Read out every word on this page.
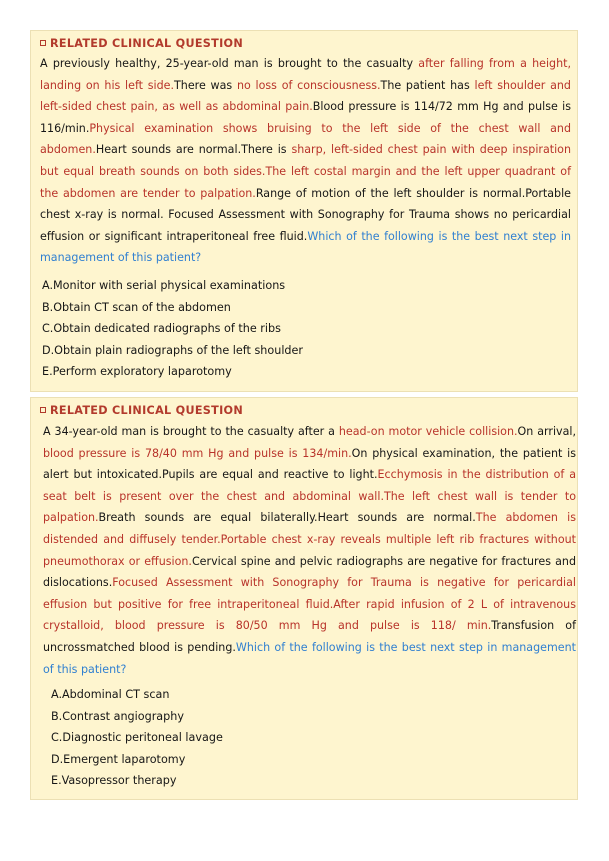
RELATED CLINICAL QUESTION
A previously healthy, 25-year-old man is brought to the casualty after falling from a height, landing on his left side.There was no loss of consciousness.The patient has left shoulder and left-sided chest pain, as well as abdominal pain.Blood pressure is 114/72 mm Hg and pulse is 116/min.Physical examination shows bruising to the left side of the chest wall and abdomen.Heart sounds are normal.There is sharp, left-sided chest pain with deep inspiration but equal breath sounds on both sides.The left costal margin and the left upper quadrant of the abdomen are tender to palpation.Range of motion of the left shoulder is normal.Portable chest x-ray is normal. Focused Assessment with Sonography for Trauma shows no pericardial effusion or significant intraperitoneal free fluid.Which of the following is the best next step in management of this patient?
A.Monitor with serial physical examinations
B.Obtain CT scan of the abdomen
C.Obtain dedicated radiographs of the ribs
D.Obtain plain radiographs of the left shoulder
E.Perform exploratory laparotomy
RELATED CLINICAL QUESTION
A 34-year-old man is brought to the casualty after a head-on motor vehicle collision.On arrival, blood pressure is 78/40 mm Hg and pulse is 134/min.On physical examination, the patient is alert but intoxicated.Pupils are equal and reactive to light.Ecchymosis in the distribution of a seat belt is present over the chest and abdominal wall.The left chest wall is tender to palpation.Breath sounds are equal bilaterally.Heart sounds are normal.The abdomen is distended and diffusely tender.Portable chest x-ray reveals multiple left rib fractures without pneumothorax or effusion.Cervical spine and pelvic radiographs are negative for fractures and dislocations.Focused Assessment with Sonography for Trauma is negative for pericardial effusion but positive for free intraperitoneal fluid.After rapid infusion of 2 L of intravenous crystalloid, blood pressure is 80/50 mm Hg and pulse is 118/ min.Transfusion of uncrossmatched blood is pending.Which of the following is the best next step in management of this patient?
A.Abdominal CT scan
B.Contrast angiography
C.Diagnostic peritoneal lavage
D.Emergent laparotomy
E.Vasopressor therapy
